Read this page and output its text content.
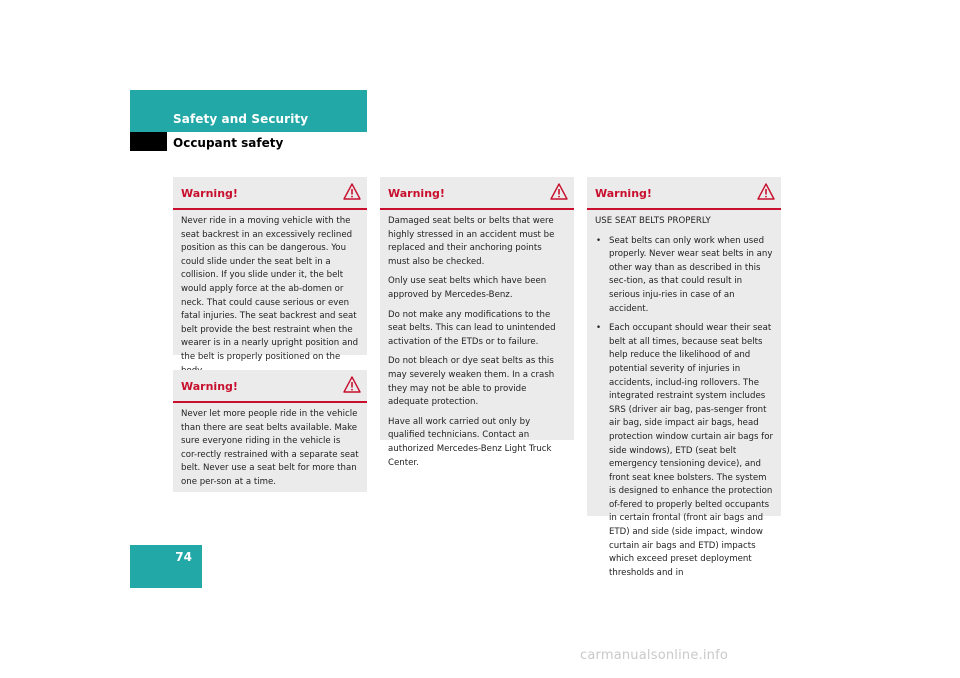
Safety and Security
Occupant safety
74
Warning!

Never ride in a moving vehicle with the seat backrest in an excessively reclined position as this can be dangerous. You could slide under the seat belt in a collision. If you slide under it, the belt would apply force at the ab-domen or neck. That could cause serious or even fatal injuries. The seat backrest and seat belt provide the best restraint when the wearer is in a nearly upright position and the belt is properly positioned on the

Warning!

Never let more people ride in the vehicle than there are seat belts available. Make sure everyone riding in the vehicle is cor-rectly restrained with a separate seat belt. Never use a seat belt for more than one per-son at a time.

Warning!

Damaged seat belts or belts that were highly stressed in an accident must be replaced and their anchoring points must also be checked.

Only use seat belts which have been approved by Mercedes-Benz.

Do not make any modifications to the seat belts. This can lead to unintended activation of the ETDs or to failure.

Do not bleach or dye seat belts as this may severely weaken them. In a crash they may not be able to provide adequate protection.

Have all work carried out only by qualified technicians. Contact an authorized Mercedes-Benz Light Truck Center.

Warning!

USE SEAT BELTS PROPERLY

• Seat belts can only work when used properly. Never wear seat belts in any other way than as described in this sec-tion, as that could result in serious inju-ries in case of an accident.
• Each occupant should wear their seat belt at all times, because seat belts help reduce the likelihood of and potential severity of injuries in accidents, includ-ing rollovers. The integrated restraint system includes SRS (driver air bag, pas-senger front air bag, side impact air bags, head protection window curtain air bags for side windows), ETD (seat belt emergency tensioning device), and front seat knee bolsters. The system is designed to enhance the protection of-fered to properly belted occupants in certain frontal (front air bags and ETD) and side (side impact, window curtain air bags and ETD) impacts which exceed preset deployment thresholds and in
carmanualsonline.info
